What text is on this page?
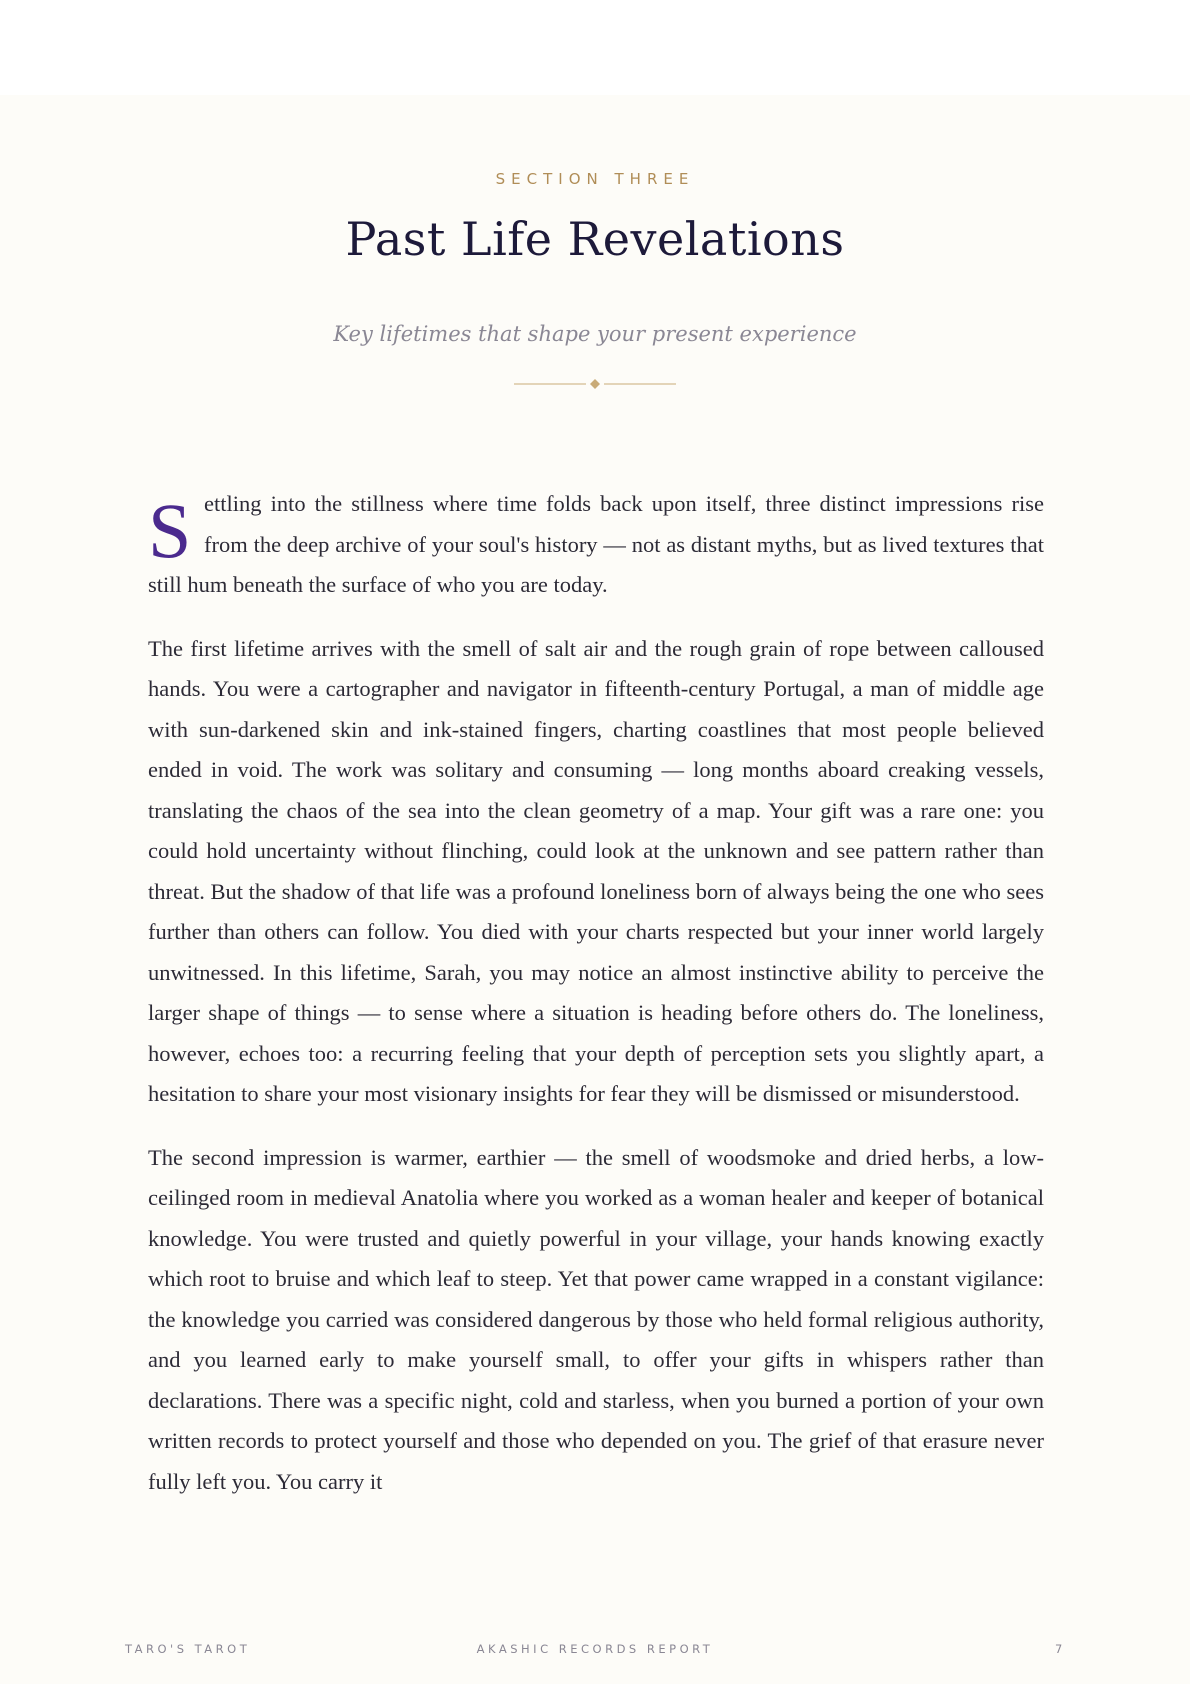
SECTION THREE
Past Life Revelations
Key lifetimes that shape your present experience

S ettling into the stillness where time folds back upon itself, three distinct impressions rise from the deep archive of your soul's history — not as distant myths, but as lived textures that still hum beneath the surface of who you are today.

The first lifetime arrives with the smell of salt air and the rough grain of rope between calloused hands. You were a cartographer and navigator in fifteenth-century Portugal, a man of middle age with sun-darkened skin and ink-stained fingers, charting coastlines that most people believed ended in void. The work was solitary and consuming — long months aboard creaking vessels, translating the chaos of the sea into the clean geometry of a map. Your gift was a rare one: you could hold uncertainty without flinching, could look at the unknown and see pattern rather than threat. But the shadow of that life was a profound loneliness born of always being the one who sees further than others can follow. You died with your charts respected but your inner world largely unwitnessed. In this lifetime, Sarah, you may notice an almost instinctive ability to perceive the larger shape of things — to sense where a situation is heading before others do. The loneliness, however, echoes too: a recurring feeling that your depth of perception sets you slightly apart, a hesitation to share your most visionary insights for fear they will be dismissed or misunderstood.

The second impression is warmer, earthier — the smell of woodsmoke and dried herbs, a low-ceilinged room in medieval Anatolia where you worked as a woman healer and keeper of botanical knowledge. You were trusted and quietly powerful in your village, your hands knowing exactly which root to bruise and which leaf to steep. Yet that power came wrapped in a constant vigilance: the knowledge you carried was considered dangerous by those who held formal religious authority, and you learned early to make yourself small, to offer your gifts in whispers rather than declarations. There was a specific night, cold and starless, when you burned a portion of your own written records to protect yourself and those who depended on you. The grief of that erasure never fully left you. You carry it

TARO'S TAROT	AKASHIC RECORDS REPORT	7
